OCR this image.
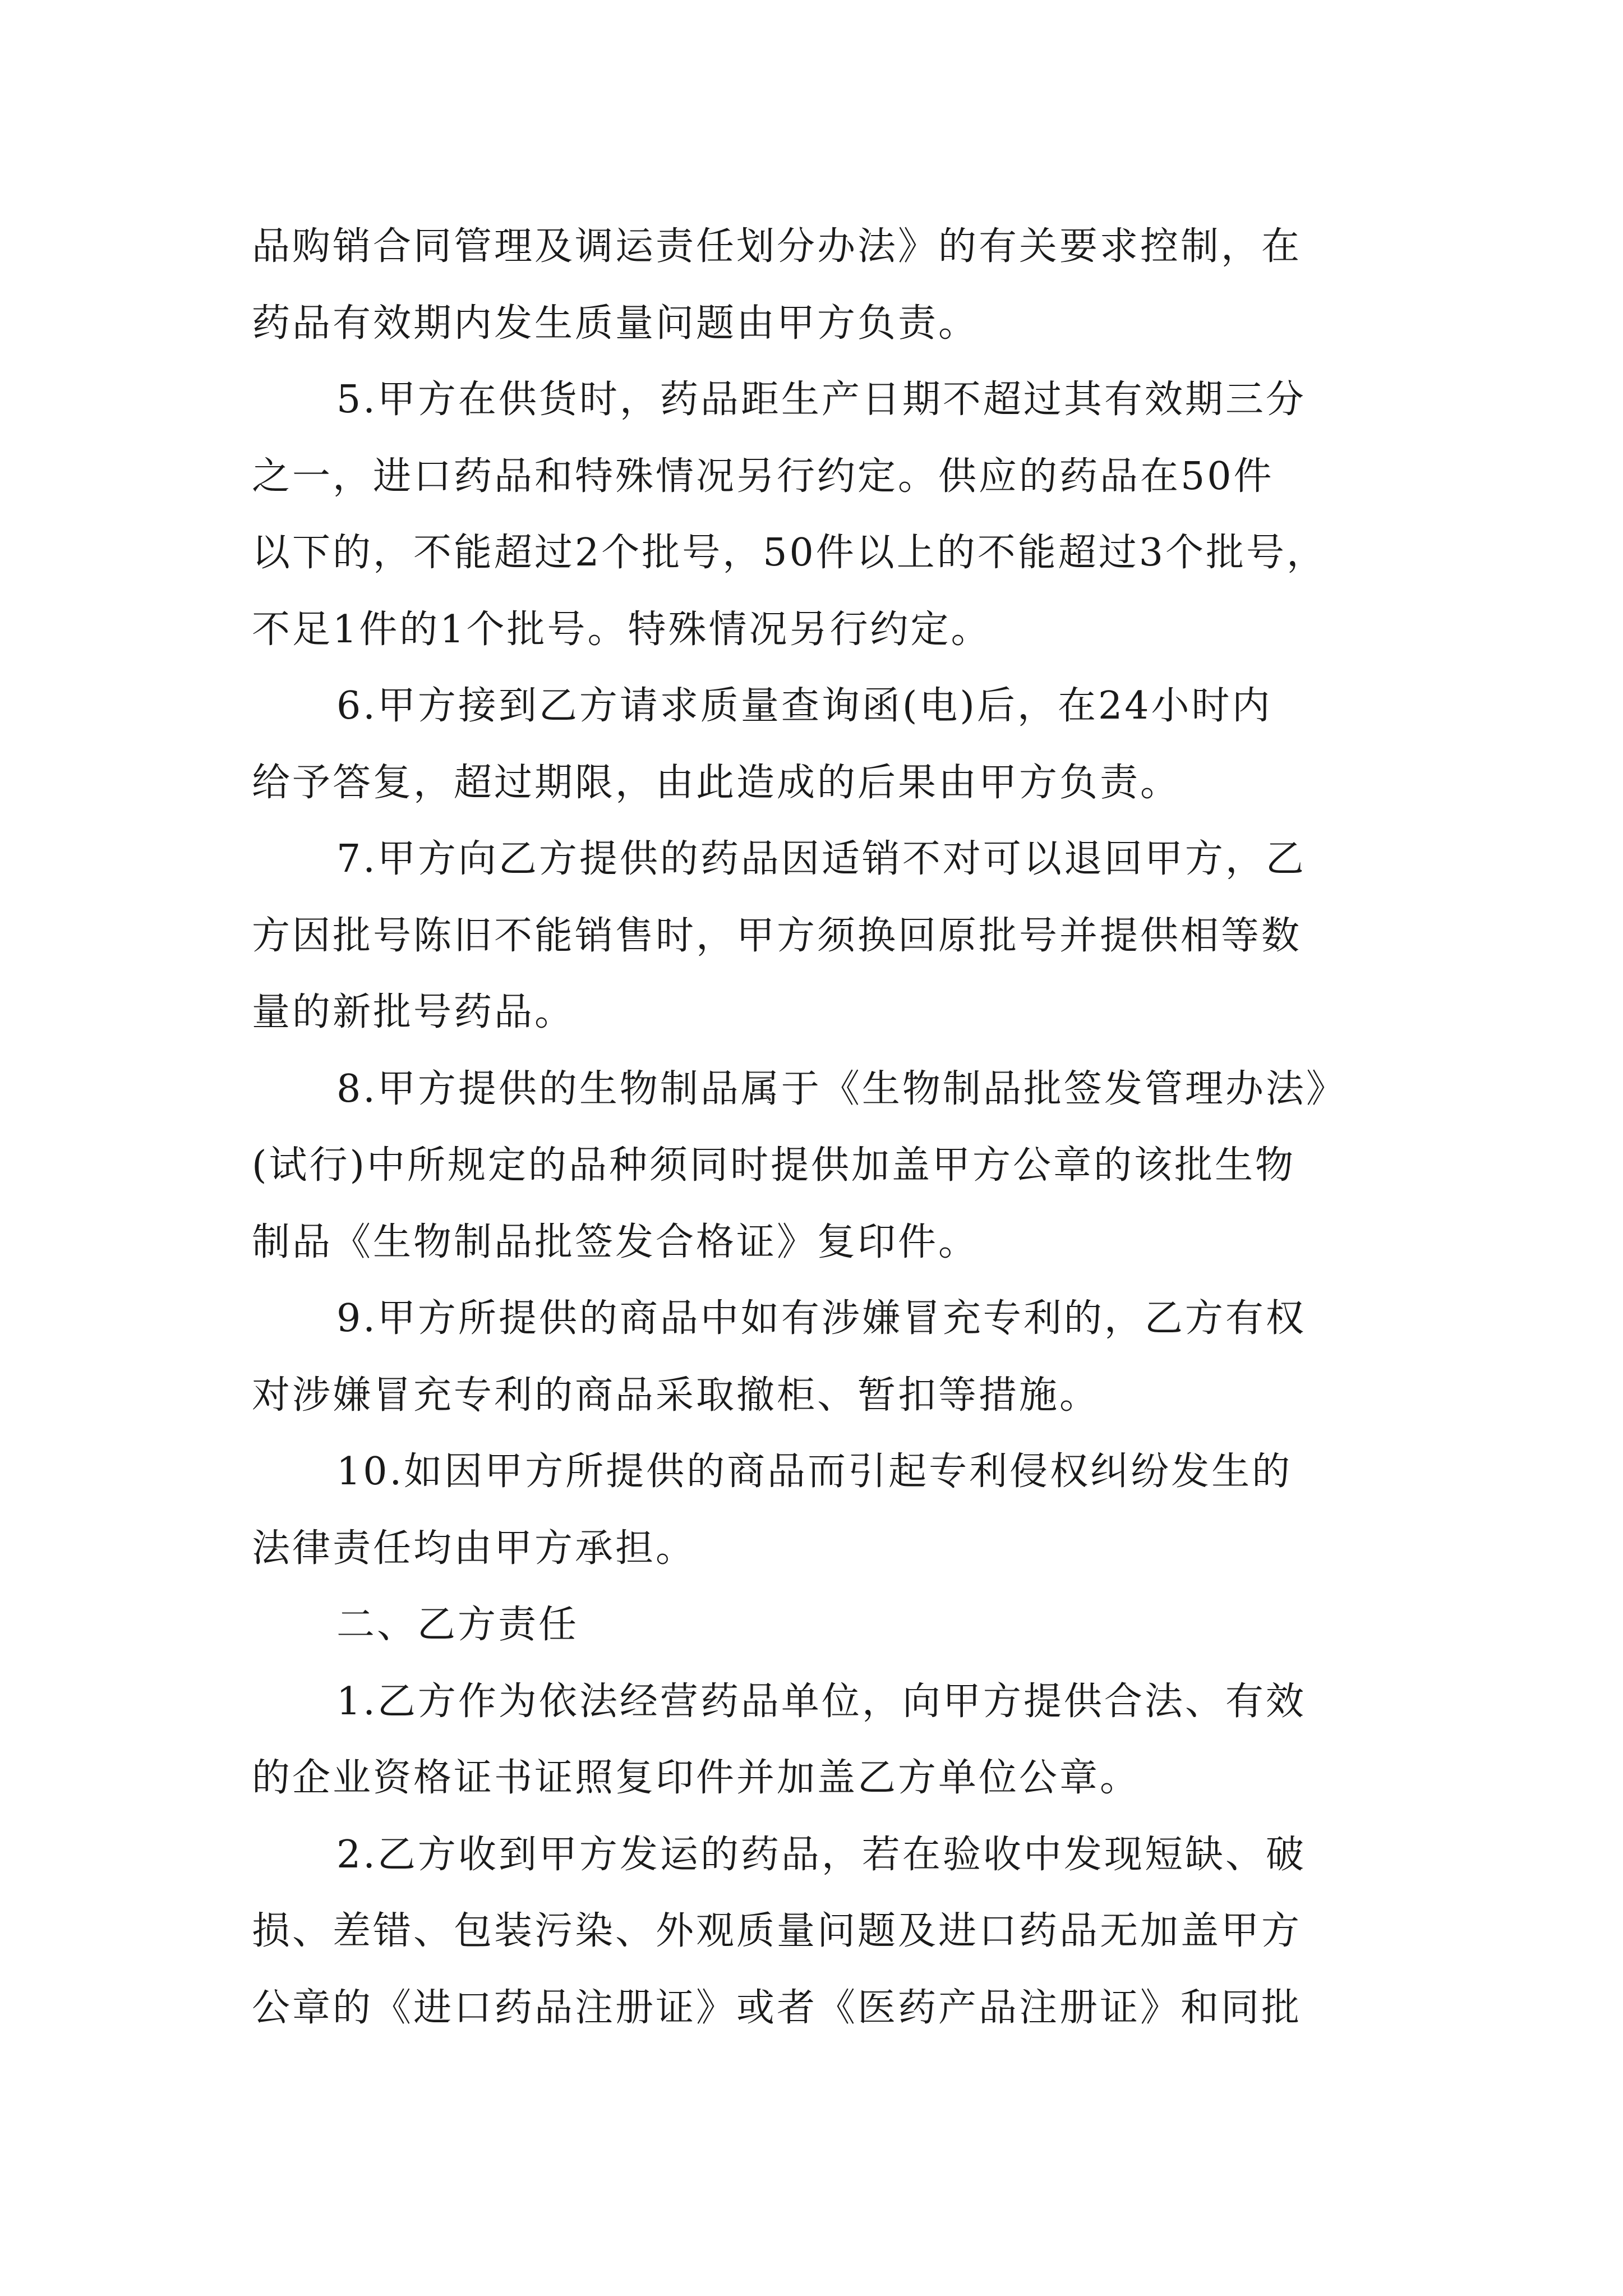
品购销合同管理及调运责任划分办法》的有关要求控制，在
药品有效期内发生质量问题由甲方负责。
5.甲方在供货时，药品距生产日期不超过其有效期三分
之一，进口药品和特殊情况另行约定。供应的药品在50件
以下的，不能超过2个批号，50件以上的不能超过3个批号，
不足1件的1个批号。特殊情况另行约定。
6.甲方接到乙方请求质量查询函(电)后，在24小时内
给予答复，超过期限，由此造成的后果由甲方负责。
7.甲方向乙方提供的药品因适销不对可以退回甲方，乙
方因批号陈旧不能销售时，甲方须换回原批号并提供相等数
量的新批号药品。
8.甲方提供的生物制品属于《生物制品批签发管理办法》
(试行)中所规定的品种须同时提供加盖甲方公章的该批生物
制品《生物制品批签发合格证》复印件。
9.甲方所提供的商品中如有涉嫌冒充专利的，乙方有权
对涉嫌冒充专利的商品采取撤柜、暂扣等措施。
10.如因甲方所提供的商品而引起专利侵权纠纷发生的
法律责任均由甲方承担。
二、乙方责任
1.乙方作为依法经营药品单位，向甲方提供合法、有效
的企业资格证书证照复印件并加盖乙方单位公章。
2.乙方收到甲方发运的药品，若在验收中发现短缺、破
损、差错、包装污染、外观质量问题及进口药品无加盖甲方
公章的《进口药品注册证》或者《医药产品注册证》和同批
